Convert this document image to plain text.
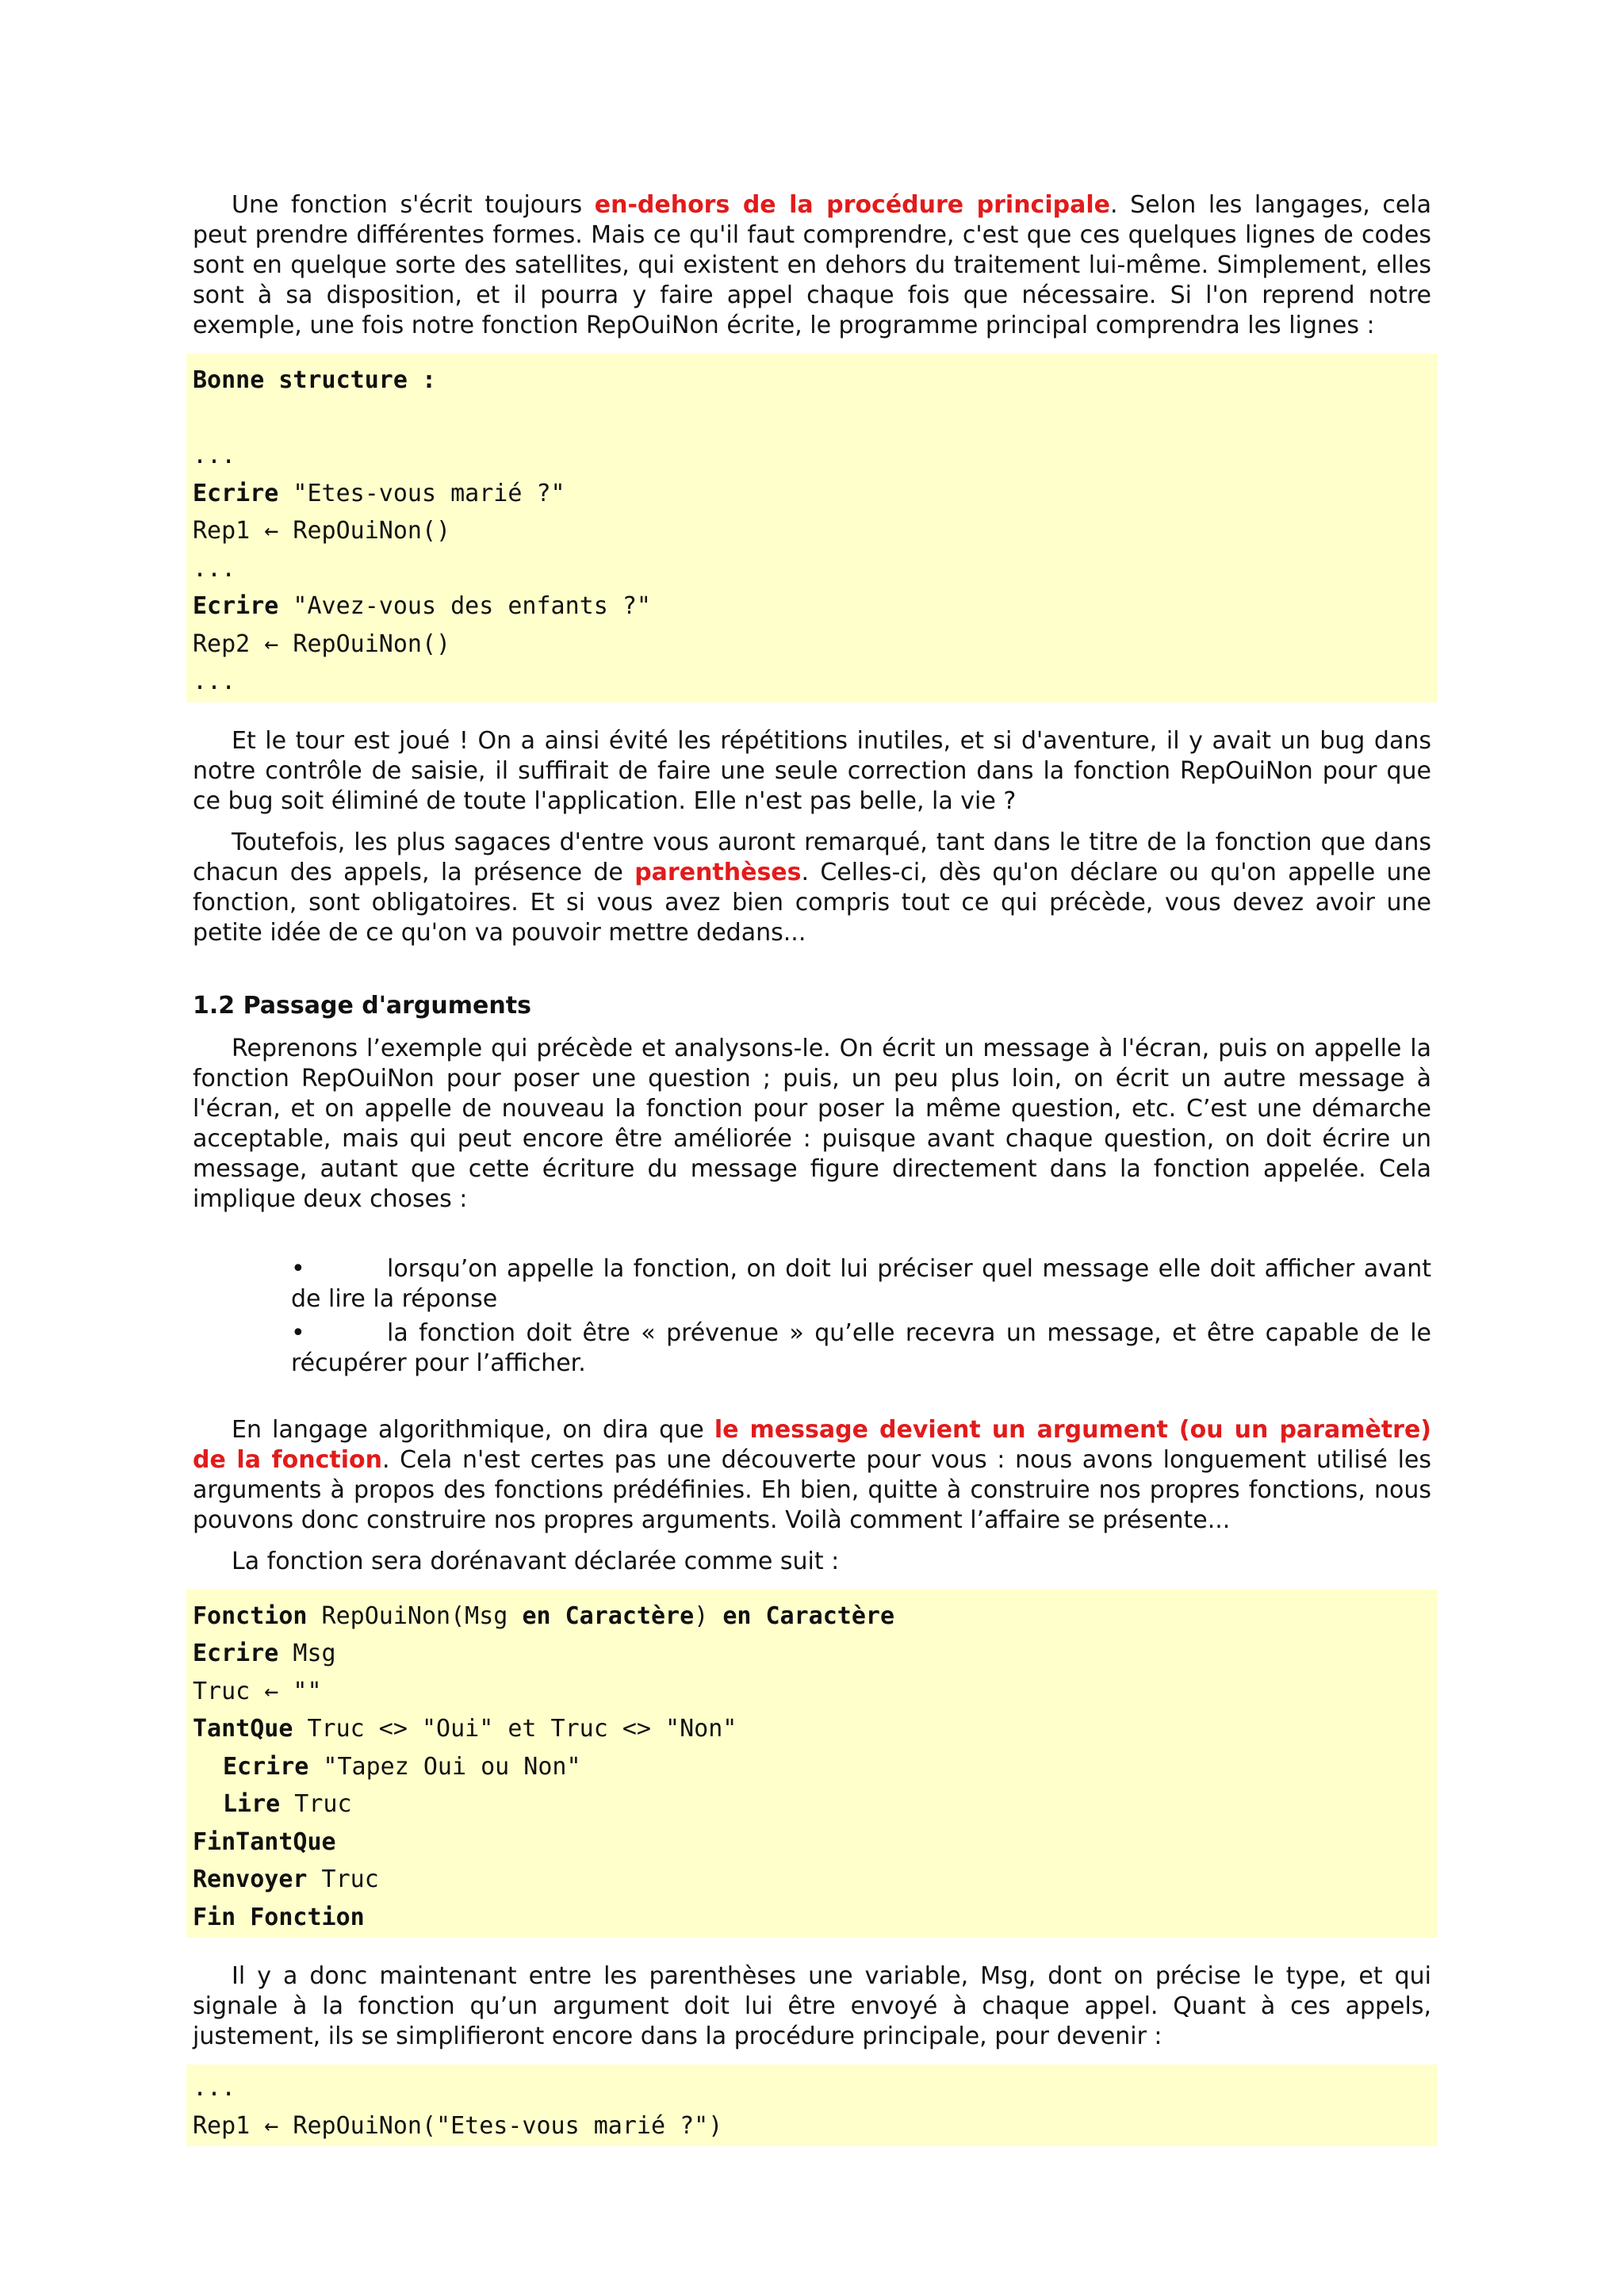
Une fonction s'écrit toujours en-dehors de la procédure principale. Selon les langages, cela peut prendre différentes formes. Mais ce qu'il faut comprendre, c'est que ces quelques lignes de codes sont en quelque sorte des satellites, qui existent en dehors du traitement lui-même. Simplement, elles sont à sa disposition, et il pourra y faire appel chaque fois que nécessaire. Si l'on reprend notre exemple, une fois notre fonction RepOuiNon écrite, le programme principal comprendra les lignes :

Bonne structure :
...
Ecrire "Etes-vous marié ?"
Rep1 ← RepOuiNon()
...
Ecrire "Avez-vous des enfants ?"
Rep2 ← RepOuiNon()
...

Et le tour est joué ! On a ainsi évité les répétitions inutiles, et si d'aventure, il y avait un bug dans notre contrôle de saisie, il suffirait de faire une seule correction dans la fonction RepOuiNon pour que ce bug soit éliminé de toute l'application. Elle n'est pas belle, la vie ?

Toutefois, les plus sagaces d'entre vous auront remarqué, tant dans le titre de la fonction que dans chacun des appels, la présence de parenthèses. Celles-ci, dès qu'on déclare ou qu'on appelle une fonction, sont obligatoires. Et si vous avez bien compris tout ce qui précède, vous devez avoir une petite idée de ce qu'on va pouvoir mettre dedans...

1.2 Passage d'arguments

Reprenons l’exemple qui précède et analysons-le. On écrit un message à l'écran, puis on appelle la fonction RepOuiNon pour poser une question ; puis, un peu plus loin, on écrit un autre message à l'écran, et on appelle de nouveau la fonction pour poser la même question, etc. C’est une démarche acceptable, mais qui peut encore être améliorée : puisque avant chaque question, on doit écrire un message, autant que cette écriture du message figure directement dans la fonction appelée. Cela implique deux choses :

•	lorsqu’on appelle la fonction, on doit lui préciser quel message elle doit afficher avant de lire la réponse
•	la fonction doit être « prévenue » qu’elle recevra un message, et être capable de le récupérer pour l’afficher.

En langage algorithmique, on dira que le message devient un argument (ou un paramètre) de la fonction. Cela n'est certes pas une découverte pour vous : nous avons longuement utilisé les arguments à propos des fonctions prédéfinies. Eh bien, quitte à construire nos propres fonctions, nous pouvons donc construire nos propres arguments. Voilà comment l’affaire se présente...

La fonction sera dorénavant déclarée comme suit :

Fonction RepOuiNon(Msg en Caractère) en Caractère
Ecrire Msg
Truc ← ""
TantQue Truc <> "Oui" et Truc <> "Non"
Ecrire "Tapez Oui ou Non"
Lire Truc
FinTantQue
Renvoyer Truc
Fin Fonction

Il y a donc maintenant entre les parenthèses une variable, Msg, dont on précise le type, et qui signale à la fonction qu’un argument doit lui être envoyé à chaque appel. Quant à ces appels, justement, ils se simplifieront encore dans la procédure principale, pour devenir :

...
Rep1 ← RepOuiNon("Etes-vous marié ?")
